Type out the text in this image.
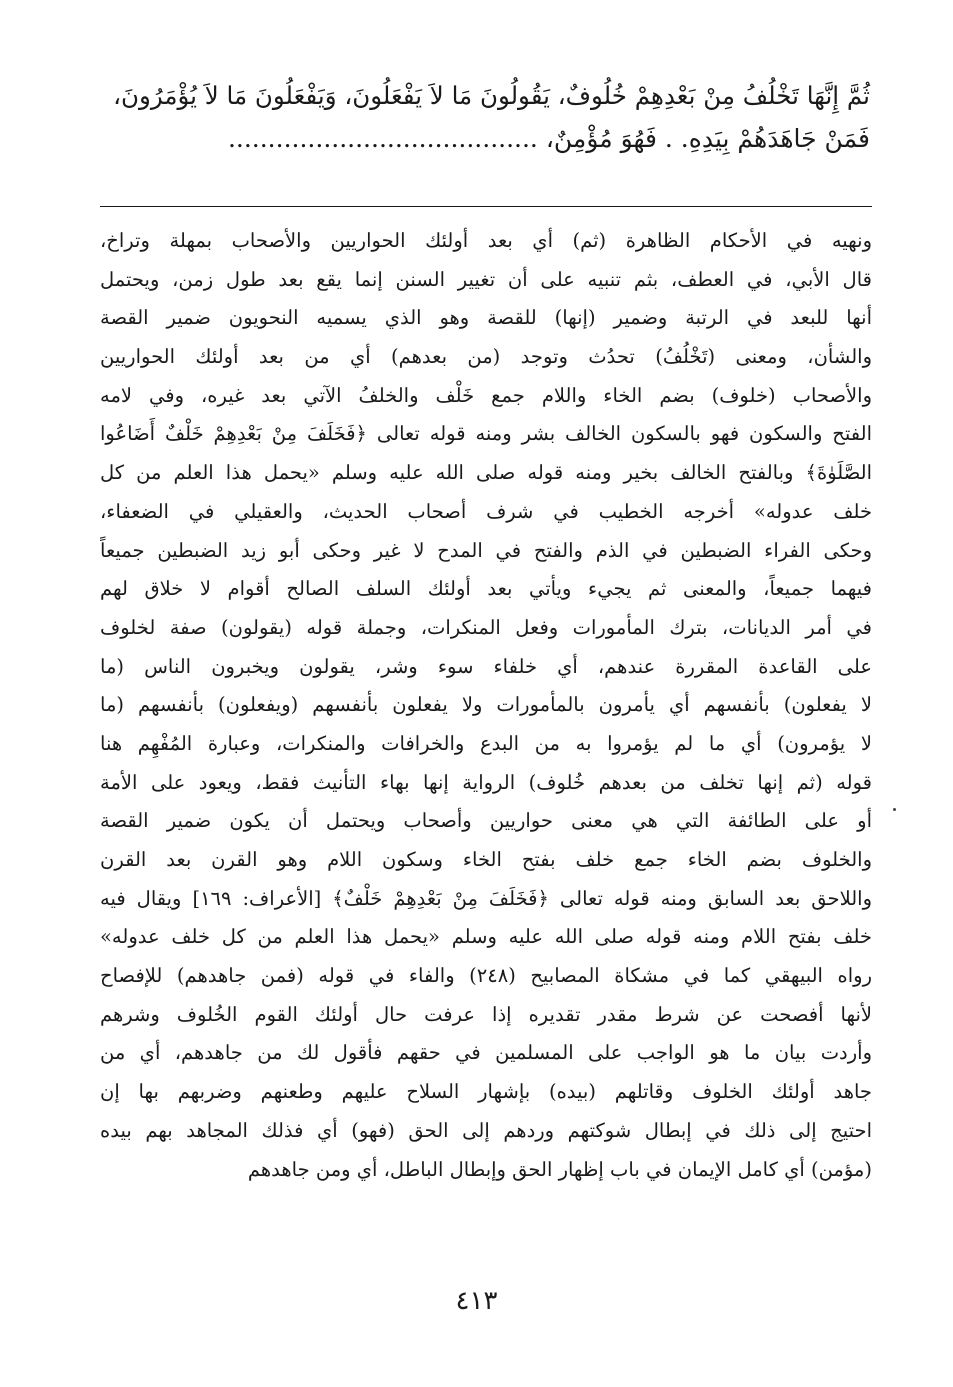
ثُمَّ إِنَّهَا تَخْلُفُ مِنْ بَعْدِهِمْ خُلُوفٌ، يَقُولُونَ مَا لاَ يَفْعَلُونَ، وَيَفْعَلُونَ مَا لاَ يُؤْمَرُونَ،
فَمَنْ جَاهَدَهُمْ بِيَدِهِ. . فَهُوَ مُؤْمِنٌ، .......................................
ونهيه في الأحكام الظاهرة (ثم) أي بعد أولئك الحواريين والأصحاب بمهلة وتراخ،
قال الأبي، في العطف، بثم تنبيه على أن تغيير السنن إنما يقع بعد طول زمن، ويحتمل
أنها للبعد في الرتبة وضمير (إنها) للقصة وهو الذي يسميه النحويون ضمير القصة
والشأن، ومعنى (تَخْلُفُ) تحدُث وتوجد (من بعدهم) أي من بعد أولئك الحواريين
والأصحاب (خلوف) بضم الخاء واللام جمع خَلْف والخلفُ الآتي بعد غيره، وفي لامه
الفتح والسكون فهو بالسكون الخالف بشر ومنه قوله تعالى ﴿فَخَلَفَ مِنْ بَعْدِهِمْ خَلْفٌ أَضَاعُوا
الصَّلَوٰةَ﴾ وبالفتح الخالف بخير ومنه قوله صلى الله عليه وسلم «يحمل هذا العلم من كل
خلف عدوله» أخرجه الخطيب في شرف أصحاب الحديث، والعقيلي في الضعفاء،
وحكى الفراء الضبطين في الذم والفتح في المدح لا غير وحكى أبو زيد الضبطين جميعاً
فيهما جميعاً، والمعنى ثم يجيء ويأتي بعد أولئك السلف الصالح أقوام لا خلاق لهم
في أمر الديانات، بترك المأمورات وفعل المنكرات، وجملة قوله (يقولون) صفة لخلوف
على القاعدة المقررة عندهم، أي خلفاء سوء وشر، يقولون ويخبرون الناس (ما
لا يفعلون) بأنفسهم أي يأمرون بالمأمورات ولا يفعلون بأنفسهم (ويفعلون) بأنفسهم (ما
لا يؤمرون) أي ما لم يؤمروا به من البدع والخرافات والمنكرات، وعبارة المُفْهِم هنا
قوله (ثم إنها تخلف من بعدهم خُلوف) الرواية إنها بهاء التأنيث فقط، ويعود على الأمة
أو على الطائفة التي هي معنى حواريين وأصحاب ويحتمل أن يكون ضمير القصة
والخلوف بضم الخاء جمع خلف بفتح الخاء وسكون اللام وهو القرن بعد القرن
واللاحق بعد السابق ومنه قوله تعالى ﴿فَخَلَفَ مِنْ بَعْدِهِمْ خَلْفٌ﴾ [الأعراف: ١٦٩] ويقال فيه
خلف بفتح اللام ومنه قوله صلى الله عليه وسلم «يحمل هذا العلم من كل خلف عدوله»
رواه البيهقي كما في مشكاة المصابيح (٢٤٨) والفاء في قوله (فمن جاهدهم) للإفصاح
لأنها أفصحت عن شرط مقدر تقديره إذا عرفت حال أولئك القوم الخُلوف وشرهم
وأردت بيان ما هو الواجب على المسلمين في حقهم فأقول لك من جاهدهم، أي من
جاهد أولئك الخلوف وقاتلهم (بيده) بإشهار السلاح عليهم وطعنهم وضربهم بها إن
احتيج إلى ذلك في إبطال شوكتهم وردهم إلى الحق (فهو) أي فذلك المجاهد بهم بيده
(مؤمن) أي كامل الإيمان في باب إظهار الحق وإبطال الباطل، أي ومن جاهدهم
٤١٣
